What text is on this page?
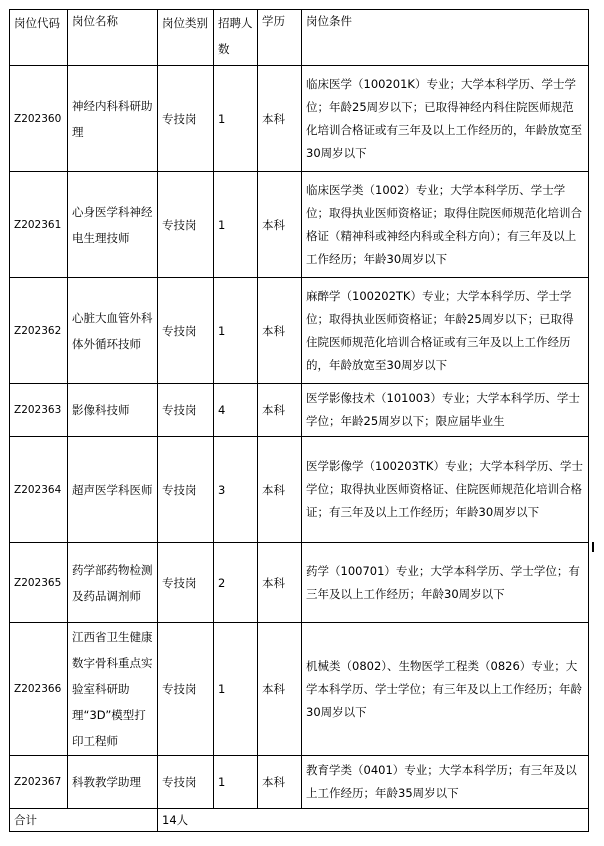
岗位代码	岗位名称	岗位类别	招聘人数	学历	岗位条件
Z202360	神经内科科研助理	专技岗	1	本科	临床医学（100201K）专业；大学本科学历、学士学位；年龄25周岁以下；已取得神经内科住院医师规范化培训合格证或有三年及以上工作经历的，年龄放宽至30周岁以下
Z202361	心身医学科神经电生理技师	专技岗	1	本科	临床医学类（1002）专业；大学本科学历、学士学位；取得执业医师资格证；取得住院医师规范化培训合格证（精神科或神经内科或全科方向）；有三年及以上工作经历；年龄30周岁以下
Z202362	心脏大血管外科体外循环技师	专技岗	1	本科	麻醉学（100202TK）专业；大学本科学历、学士学位；取得执业医师资格证；年龄25周岁以下；已取得住院医师规范化培训合格证或有三年及以上工作经历的，年龄放宽至30周岁以下
Z202363	影像科技师	专技岗	4	本科	医学影像技术（101003）专业；大学本科学历、学士学位；年龄25周岁以下；限应届毕业生
Z202364	超声医学科医师	专技岗	3	本科	医学影像学（100203TK）专业；大学本科学历、学士学位；取得执业医师资格证、住院医师规范化培训合格证；有三年及以上工作经历；年龄30周岁以下
Z202365	药学部药物检测及药品调剂师	专技岗	2	本科	药学（100701）专业；大学本科学历、学士学位；有三年及以上工作经历；年龄30周岁以下
Z202366	江西省卫生健康数字骨科重点实验室科研助理“3D”模型打印工程师	专技岗	1	本科	机械类（0802）、生物医学工程类（0826）专业；大学本科学历、学士学位；有三年及以上工作经历；年龄30周岁以下
Z202367	科教教学助理	专技岗	1	本科	教育学类（0401）专业；大学本科学历；有三年及以上工作经历；年龄35周岁以下
合计		14人			
